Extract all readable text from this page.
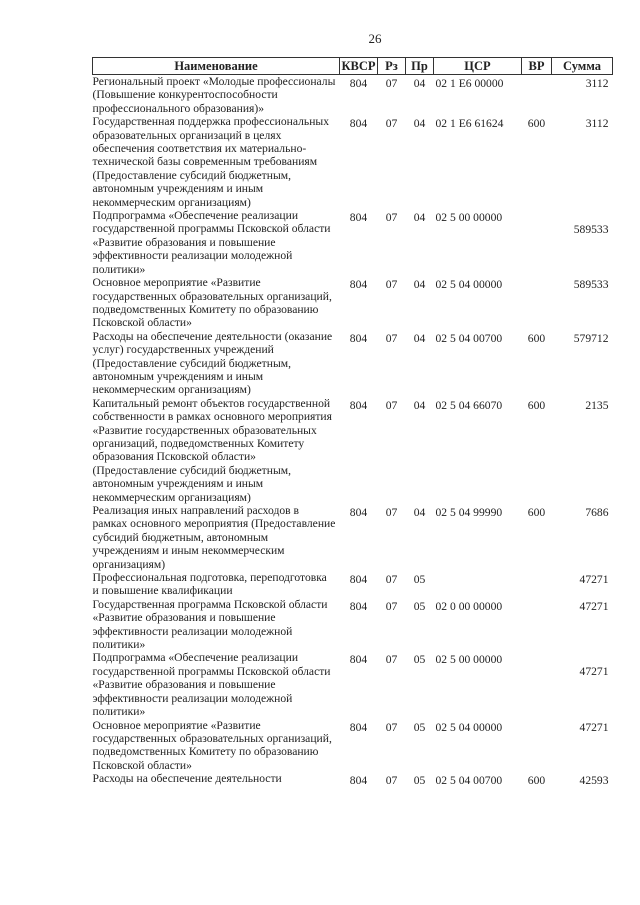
26
Наименование	КВСР	Рз	Пр	ЦСР	ВР	Сумма
Региональный проект «Молодые профессионалы (Повышение конкурентоспособности профессионального образования)»	804	07	04	02 1 Е6 00000		3112
Государственная поддержка профессиональных образовательных организаций в целях обеспечения соответствия их материально-технической базы современным требованиям (Предоставление субсидий бюджетным, автономным учреждениям и иным некоммерческим организациям)	804	07	04	02 1 Е6 61624	600	3112
Подпрограмма «Обеспечение реализации государственной программы Псковской области «Развитие образования и повышение эффективности реализации молодежной политики»	804	07	04	02 5 00 00000		589533
Основное мероприятие «Развитие государственных образовательных организаций, подведомственных Комитету по образованию Псковской области»	804	07	04	02 5 04 00000		589533
Расходы на обеспечение деятельности (оказание услуг) государственных учреждений (Предоставление субсидий бюджетным, автономным учреждениям и иным некоммерческим организациям)	804	07	04	02 5 04 00700	600	579712
Капитальный ремонт объектов государственной собственности в рамках основного мероприятия «Развитие государственных образовательных организаций, подведомственных Комитету образования Псковской области» (Предоставление субсидий бюджетным, автономным учреждениям и иным некоммерческим организациям)	804	07	04	02 5 04 66070	600	2135
Реализация иных направлений расходов в рамках основного мероприятия (Предоставление субсидий бюджетным, автономным учреждениям и иным некоммерческим организациям)	804	07	04	02 5 04 99990	600	7686
Профессиональная подготовка, переподготовка и повышение квалификации	804	07	05			47271
Государственная программа Псковской области «Развитие образования и повышение эффективности реализации молодежной политики»	804	07	05	02 0 00 00000		47271
Подпрограмма «Обеспечение реализации государственной программы Псковской области «Развитие образования и повышение эффективности реализации молодежной политики»	804	07	05	02 5 00 00000		47271
Основное мероприятие «Развитие государственных образовательных организаций, подведомственных Комитету по образованию Псковской области»	804	07	05	02 5 04 00000		47271
Расходы на обеспечение деятельности	804	07	05	02 5 04 00700	600	42593
